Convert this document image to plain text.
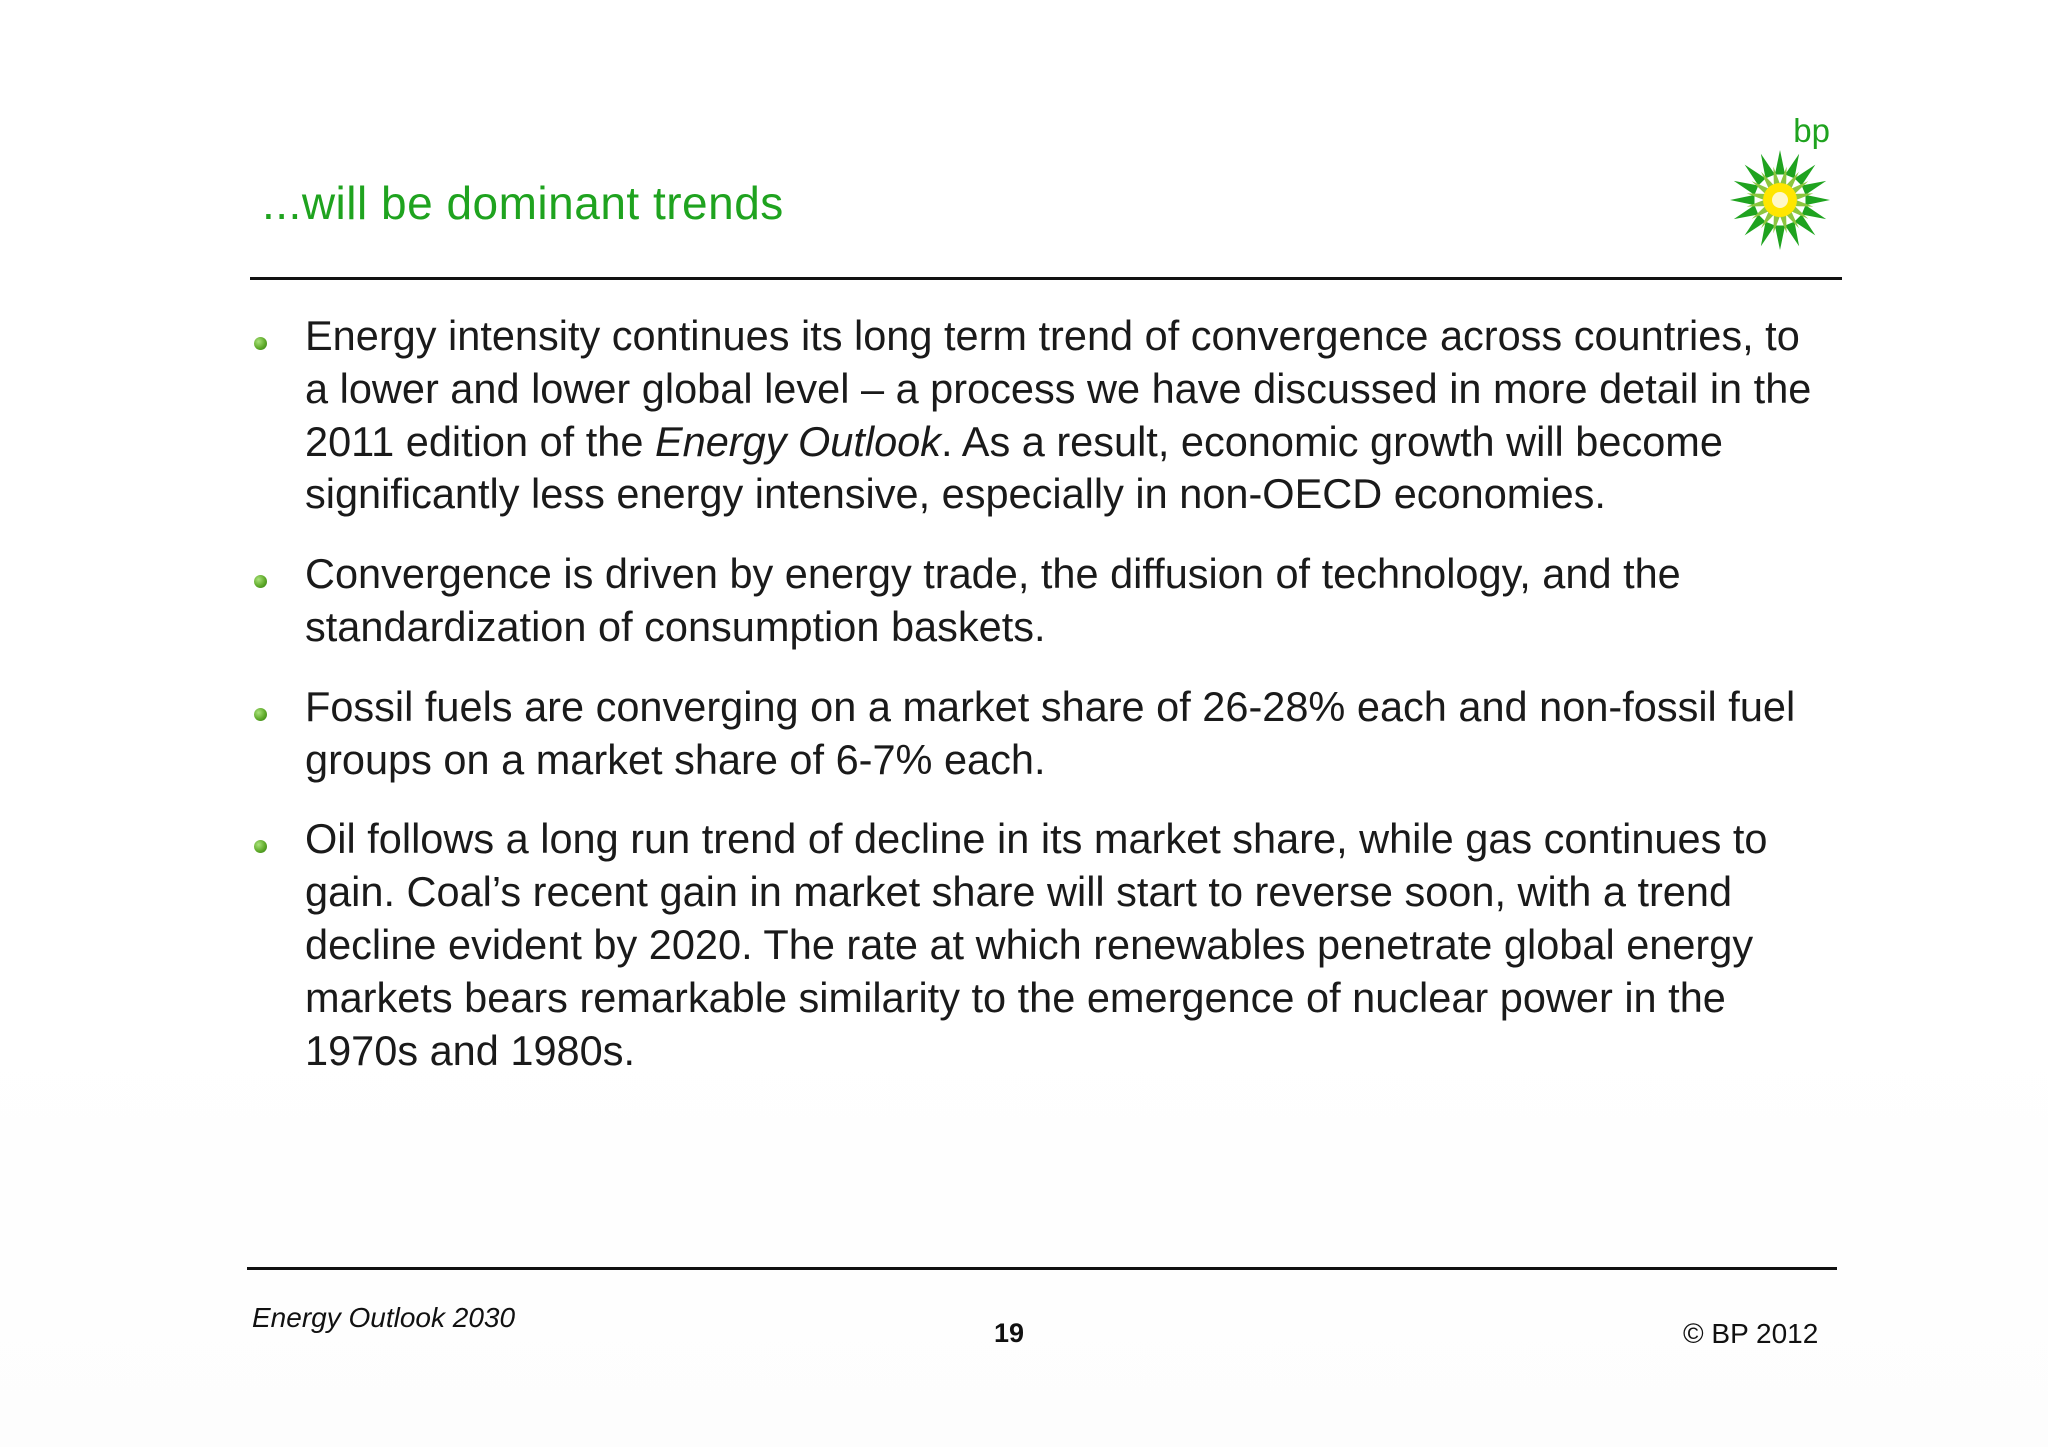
...will be dominant trends
bp
Energy intensity continues its long term trend of convergence across countries, to a lower and lower global level – a process we have discussed in more detail in the 2011 edition of the Energy Outlook. As a result, economic growth will become significantly less energy intensive, especially in non-OECD economies.
Convergence is driven by energy trade, the diffusion of technology, and the standardization of consumption baskets.
Fossil fuels are converging on a market share of 26-28% each and non-fossil fuel groups on a market share of 6-7% each.
Oil follows a long run trend of decline in its market share, while gas continues to gain. Coal’s recent gain in market share will start to reverse soon, with a trend decline evident by 2020. The rate at which renewables penetrate global energy markets bears remarkable similarity to the emergence of nuclear power in the 1970s and 1980s.
Energy Outlook 2030	19	© BP 2012
